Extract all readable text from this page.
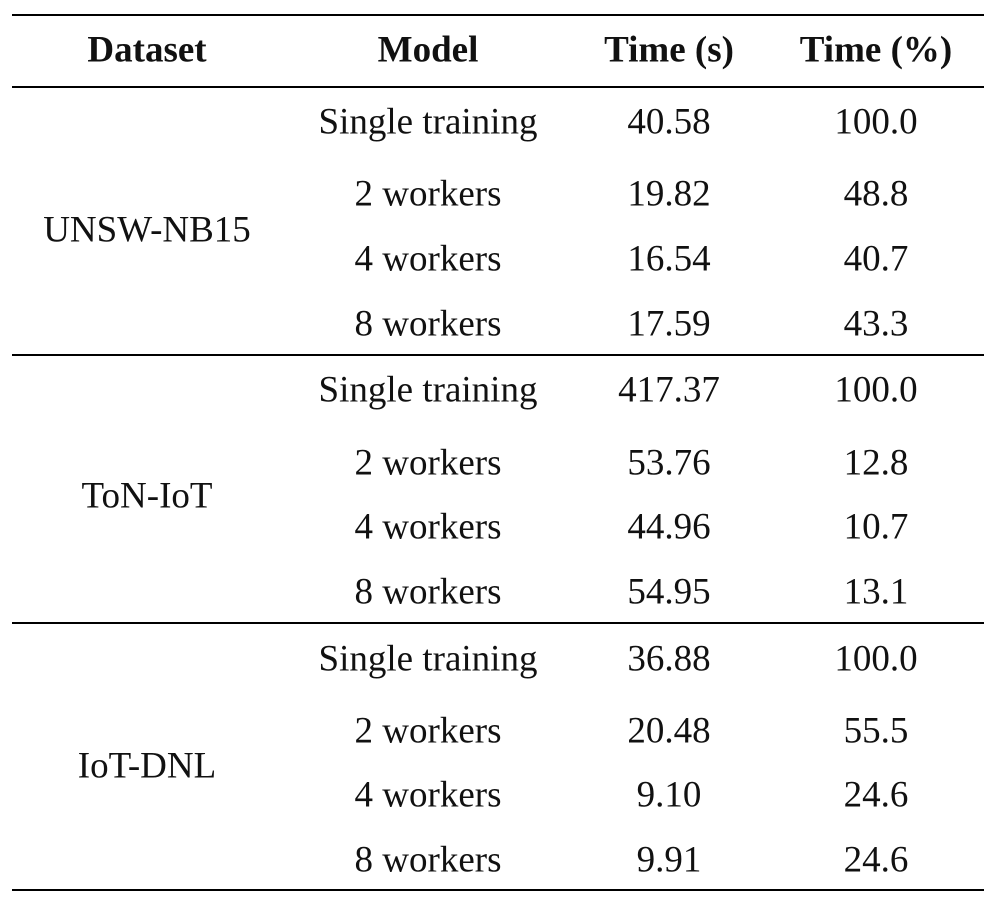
Dataset	Model	Time (s) Time (%)
UNSW-NB15
Single training 40.58	100.0
2 workers	19.82	48.8
4 workers	16.54	40.7
8 workers	17.59	43.3
ToN-IoT
Single training 417.37	100.0
2 workers	53.76	12.8
4 workers	44.96	10.7
8 workers	54.95	13.1
IoT-DNL
Single training 36.88	100.0
2 workers	20.48	55.5
4 workers	9.10	24.6
8 workers	9.91	24.6
